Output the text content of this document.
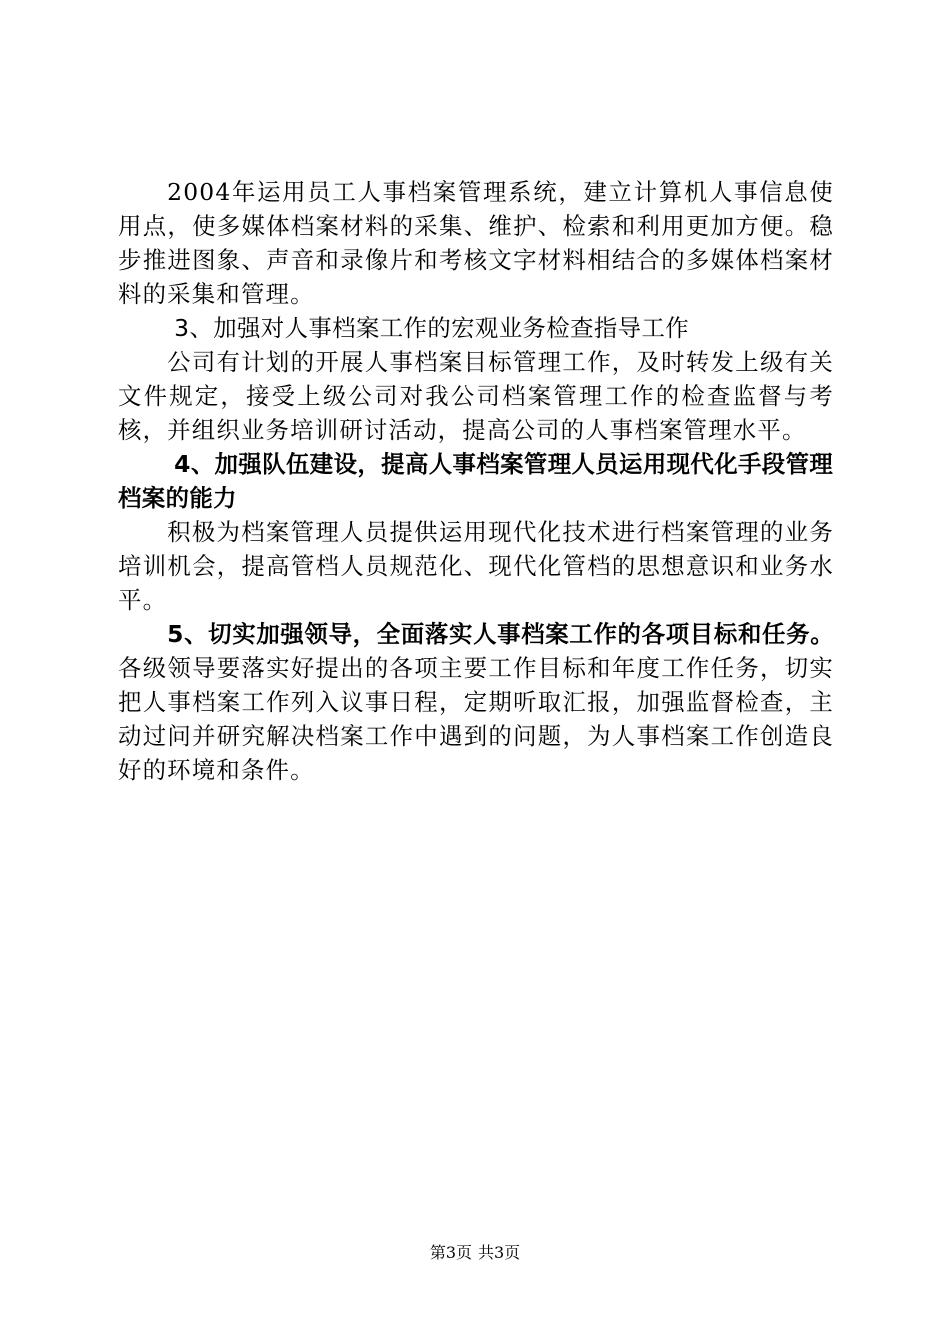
2004年运用员工人事档案管理系统，建立计算机人事信息使用点，使多媒体档案材料的采集、维护、检索和利用更加方便。稳步推进图象、声音和录像片和考核文字材料相结合的多媒体档案材料的采集和管理。

3、加强对人事档案工作的宏观业务检查指导工作

公司有计划的开展人事档案目标管理工作，及时转发上级有关文件规定，接受上级公司对我公司档案管理工作的检查监督与考核，并组织业务培训研讨活动，提高公司的人事档案管理水平。

4、加强队伍建设，提高人事档案管理人员运用现代化手段管理档案的能力

积极为档案管理人员提供运用现代化技术进行档案管理的业务培训机会，提高管档人员规范化、现代化管档的思想意识和业务水平。

5、切实加强领导，全面落实人事档案工作的各项目标和任务。各级领导要落实好提出的各项主要工作目标和年度工作任务，切实把人事档案工作列入议事日程，定期听取汇报，加强监督检查，主动过问并研究解决档案工作中遇到的问题，为人事档案工作创造良好的环境和条件。

第3页 共3页
